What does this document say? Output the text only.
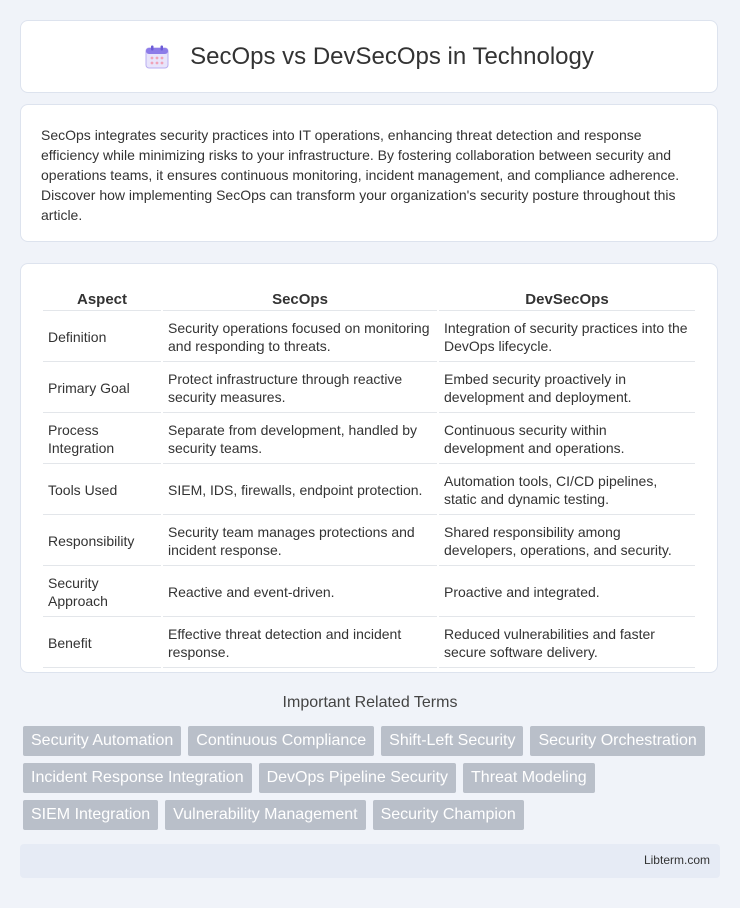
SecOps vs DevSecOps in Technology

SecOps integrates security practices into IT operations, enhancing threat detection and response efficiency while minimizing risks to your infrastructure. By fostering collaboration between security and operations teams, it ensures continuous monitoring, incident management, and compliance adherence. Discover how implementing SecOps can transform your organization's security posture throughout this article.

Aspect	SecOps	DevSecOps
Definition	Security operations focused on monitoring and responding to threats.	Integration of security practices into the DevOps lifecycle.
Primary Goal	Protect infrastructure through reactive security measures.	Embed security proactively in development and deployment.
Process Integration	Separate from development, handled by security teams.	Continuous security within development and operations.
Tools Used	SIEM, IDS, firewalls, endpoint protection.	Automation tools, CI/CD pipelines, static and dynamic testing.
Responsibility	Security team manages protections and incident response.	Shared responsibility among developers, operations, and security.
Security Approach	Reactive and event-driven.	Proactive and integrated.
Benefit	Effective threat detection and incident response.	Reduced vulnerabilities and faster secure software delivery.
Important Related Terms
Security Automation	Continuous Compliance	Shift-Left Security	Security Orchestration
Incident Response Integration	DevOps Pipeline Security	Threat Modeling
SIEM Integration	Vulnerability Management	Security Champion
Libterm.com
